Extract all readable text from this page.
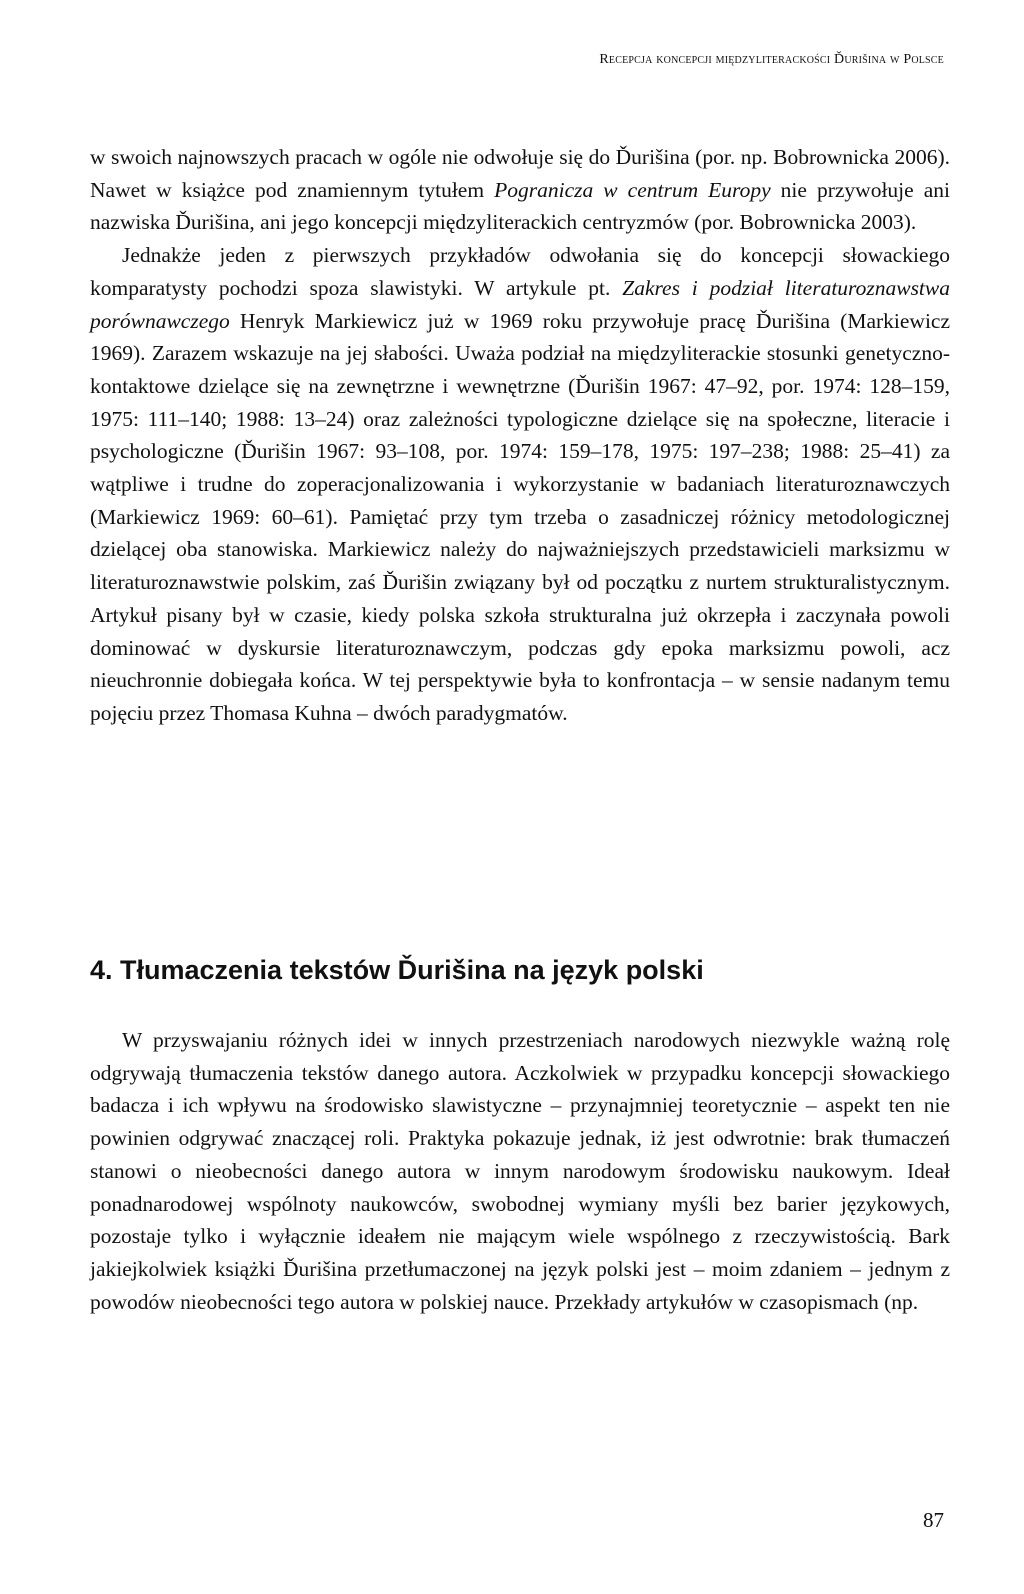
Recepcja koncepcji międzyliterackości Ďurišina w Polsce

w swoich najnowszych pracach w ogóle nie odwołuje się do Ďurišina (por. np. Bobrownicka 2006). Nawet w książce pod znamiennym tytułem Pogranicza w centrum Europy nie przywołuje ani nazwiska Ďurišina, ani jego koncepcji międzyliterackich centryzmów (por. Bobrownicka 2003).

Jednakże jeden z pierwszych przykładów odwołania się do koncepcji słowackiego komparatysty pochodzi spoza slawistyki. W artykule pt. Zakres i podział literaturoznawstwa porównawczego Henryk Markiewicz już w 1969 roku przywołuje pracę Ďurišina (Markiewicz 1969). Zarazem wskazuje na jej słabości. Uważa podział na międzyliterackie stosunki genetyczno-kontaktowe dzielące się na zewnętrzne i wewnętrzne (Ďurišin 1967: 47–92, por. 1974: 128–159, 1975: 111–140; 1988: 13–24) oraz zależności typologiczne dzielące się na społeczne, literacie i psychologiczne (Ďurišin 1967: 93–108, por. 1974: 159–178, 1975: 197–238; 1988: 25–41) za wątpliwe i trudne do zoperacjonalizowania i wykorzystanie w badaniach literaturoznawczych (Markiewicz 1969: 60–61). Pamiętać przy tym trzeba o zasadniczej różnicy metodologicznej dzielącej oba stanowiska. Markiewicz należy do najważniejszych przedstawicieli marksizmu w literaturoznawstwie polskim, zaś Ďurišin związany był od początku z nurtem strukturalistycznym. Artykuł pisany był w czasie, kiedy polska szkoła strukturalna już okrzepła i zaczynała powoli dominować w dyskursie literaturoznawczym, podczas gdy epoka marksizmu powoli, acz nieuchronnie dobiegała końca. W tej perspektywie była to konfrontacja – w sensie nadanym temu pojęciu przez Thomasa Kuhna – dwóch paradygmatów.

4. Tłumaczenia tekstów Ďurišina na język polski

W przyswajaniu różnych idei w innych przestrzeniach narodowych niezwykle ważną rolę odgrywają tłumaczenia tekstów danego autora. Aczkolwiek w przypadku koncepcji słowackiego badacza i ich wpływu na środowisko slawistyczne – przynajmniej teoretycznie – aspekt ten nie powinien odgrywać znaczącej roli. Praktyka pokazuje jednak, iż jest odwrotnie: brak tłumaczeń stanowi o nieobecności danego autora w innym narodowym środowisku naukowym. Ideał ponadnarodowej wspólnoty naukowców, swobodnej wymiany myśli bez barier językowych, pozostaje tylko i wyłącznie ideałem nie mającym wiele wspólnego z rzeczywistością. Bark jakiejkolwiek książki Ďurišina przetłumaczonej na język polski jest – moim zdaniem – jednym z powodów nieobecności tego autora w polskiej nauce. Przekłady artykułów w czasopismach (np.

87
